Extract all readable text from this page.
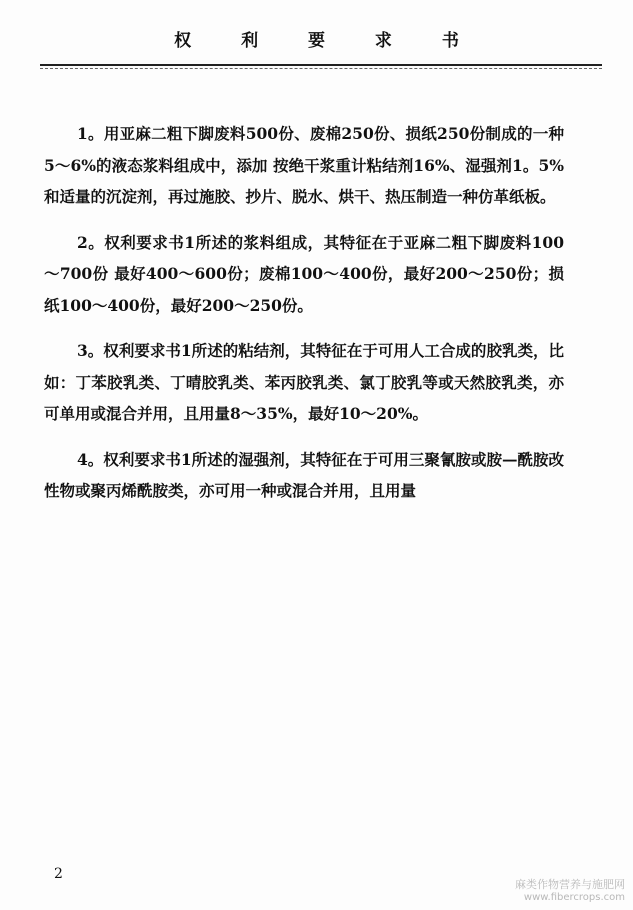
权 利 要 求 书

1。用亚麻二粗下脚废料500份、废棉250份、损纸250份制成的一种5～6%的液态浆料组成中，添加 按绝干浆重计粘结剂16%、湿强剂1。5%和适量的沉淀剂，再过施胶、抄片、脱水、烘干、热压制造一种仿革纸板。

2。权利要求书1所述的浆料组成，其特征在于亚麻二粗下脚废料100～700份 最好400～600份；废棉100～400份，最好200～250份；损纸100～400份，最好200～250份。

3。权利要求书1所述的粘结剂，其特征在于可用人工合成的胶乳类，比如：丁苯胶乳类、丁晴胶乳类、苯丙胶乳类、氯丁胶乳等或天然胶乳类，亦可单用或混合并用，且用量8～35%，最好10～20%。

4。权利要求书1所述的湿强剂，其特征在于可用三聚氰胺或胺—酰胺改性物或聚丙烯酰胺类，亦可用一种或混合并用，且用量

2
麻类作物营养与施肥网
www.fibercrops.com
